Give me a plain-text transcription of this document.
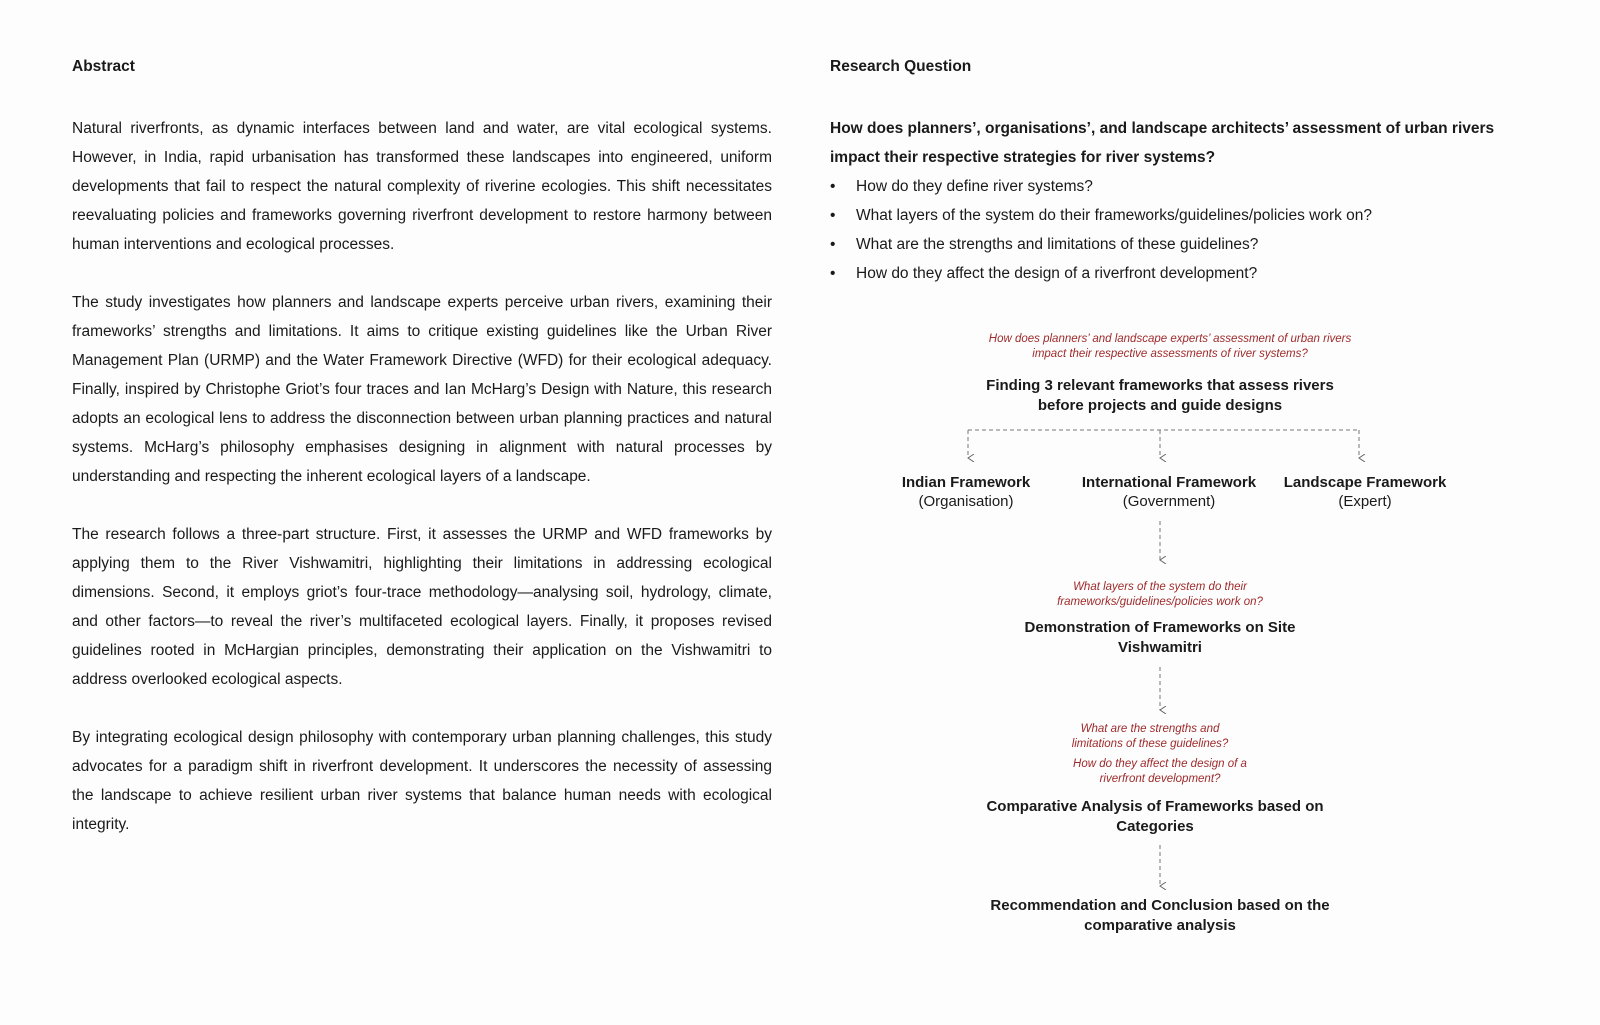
Abstract

Natural riverfronts, as dynamic interfaces between land and water, are vital ecological systems. However, in India, rapid urbanisation has transformed these landscapes into engineered, uniform developments that fail to respect the natural complexity of riverine ecologies. This shift necessitates reevaluating policies and frameworks governing riverfront development to restore harmony between human interventions and ecological processes.

The study investigates how planners and landscape experts perceive urban rivers, examining their frameworks’ strengths and limitations. It aims to critique existing guidelines like the Urban River Management Plan (URMP) and the Water Framework Directive (WFD) for their ecological adequacy. Finally, inspired by Christophe Griot’s four traces and Ian McHarg’s Design with Nature, this research adopts an ecological lens to address the disconnection between urban planning practices and natural systems. McHarg’s philosophy emphasises designing in alignment with natural processes by understanding and respecting the inherent ecological layers of a landscape.

The research follows a three-part structure. First, it assesses the URMP and WFD frameworks by applying them to the River Vishwamitri, highlighting their limitations in addressing ecological dimensions. Second, it employs griot’s four-trace methodology—analysing soil, hydrology, climate, and other factors—to reveal the river’s multifaceted ecological layers. Finally, it proposes revised guidelines rooted in McHargian principles, demonstrating their application on the Vishwamitri to address overlooked ecological aspects.

By integrating ecological design philosophy with contemporary urban planning challenges, this study advocates for a paradigm shift in riverfront development. It underscores the necessity of assessing the landscape to achieve resilient urban river systems that balance human needs with ecological integrity.

Research Question
How does planners’, organisations’, and landscape architects’ assessment of urban rivers impact their respective strategies for river systems?
• How do they define river systems?
• What layers of the system do their frameworks/guidelines/policies work on?
• What are the strengths and limitations of these guidelines?
• How do they affect the design of a riverfront development?
How does planners’ and landscape experts’ assessment of urban rivers
impact their respective assessments of river systems?
Finding 3 relevant frameworks that assess rivers
before projects and guide designs
Indian Framework
(Organisation)
International Framework
(Government)
Landscape Framework
(Expert)
What layers of the system do their
frameworks/guidelines/policies work on?
Demonstration of Frameworks on Site
Vishwamitri
What are the strengths and
limitations of these guidelines?
How do they affect the design of a
riverfront development?
Comparative Analysis of Frameworks based on
Categories
Recommendation and Conclusion based on the
comparative analysis
